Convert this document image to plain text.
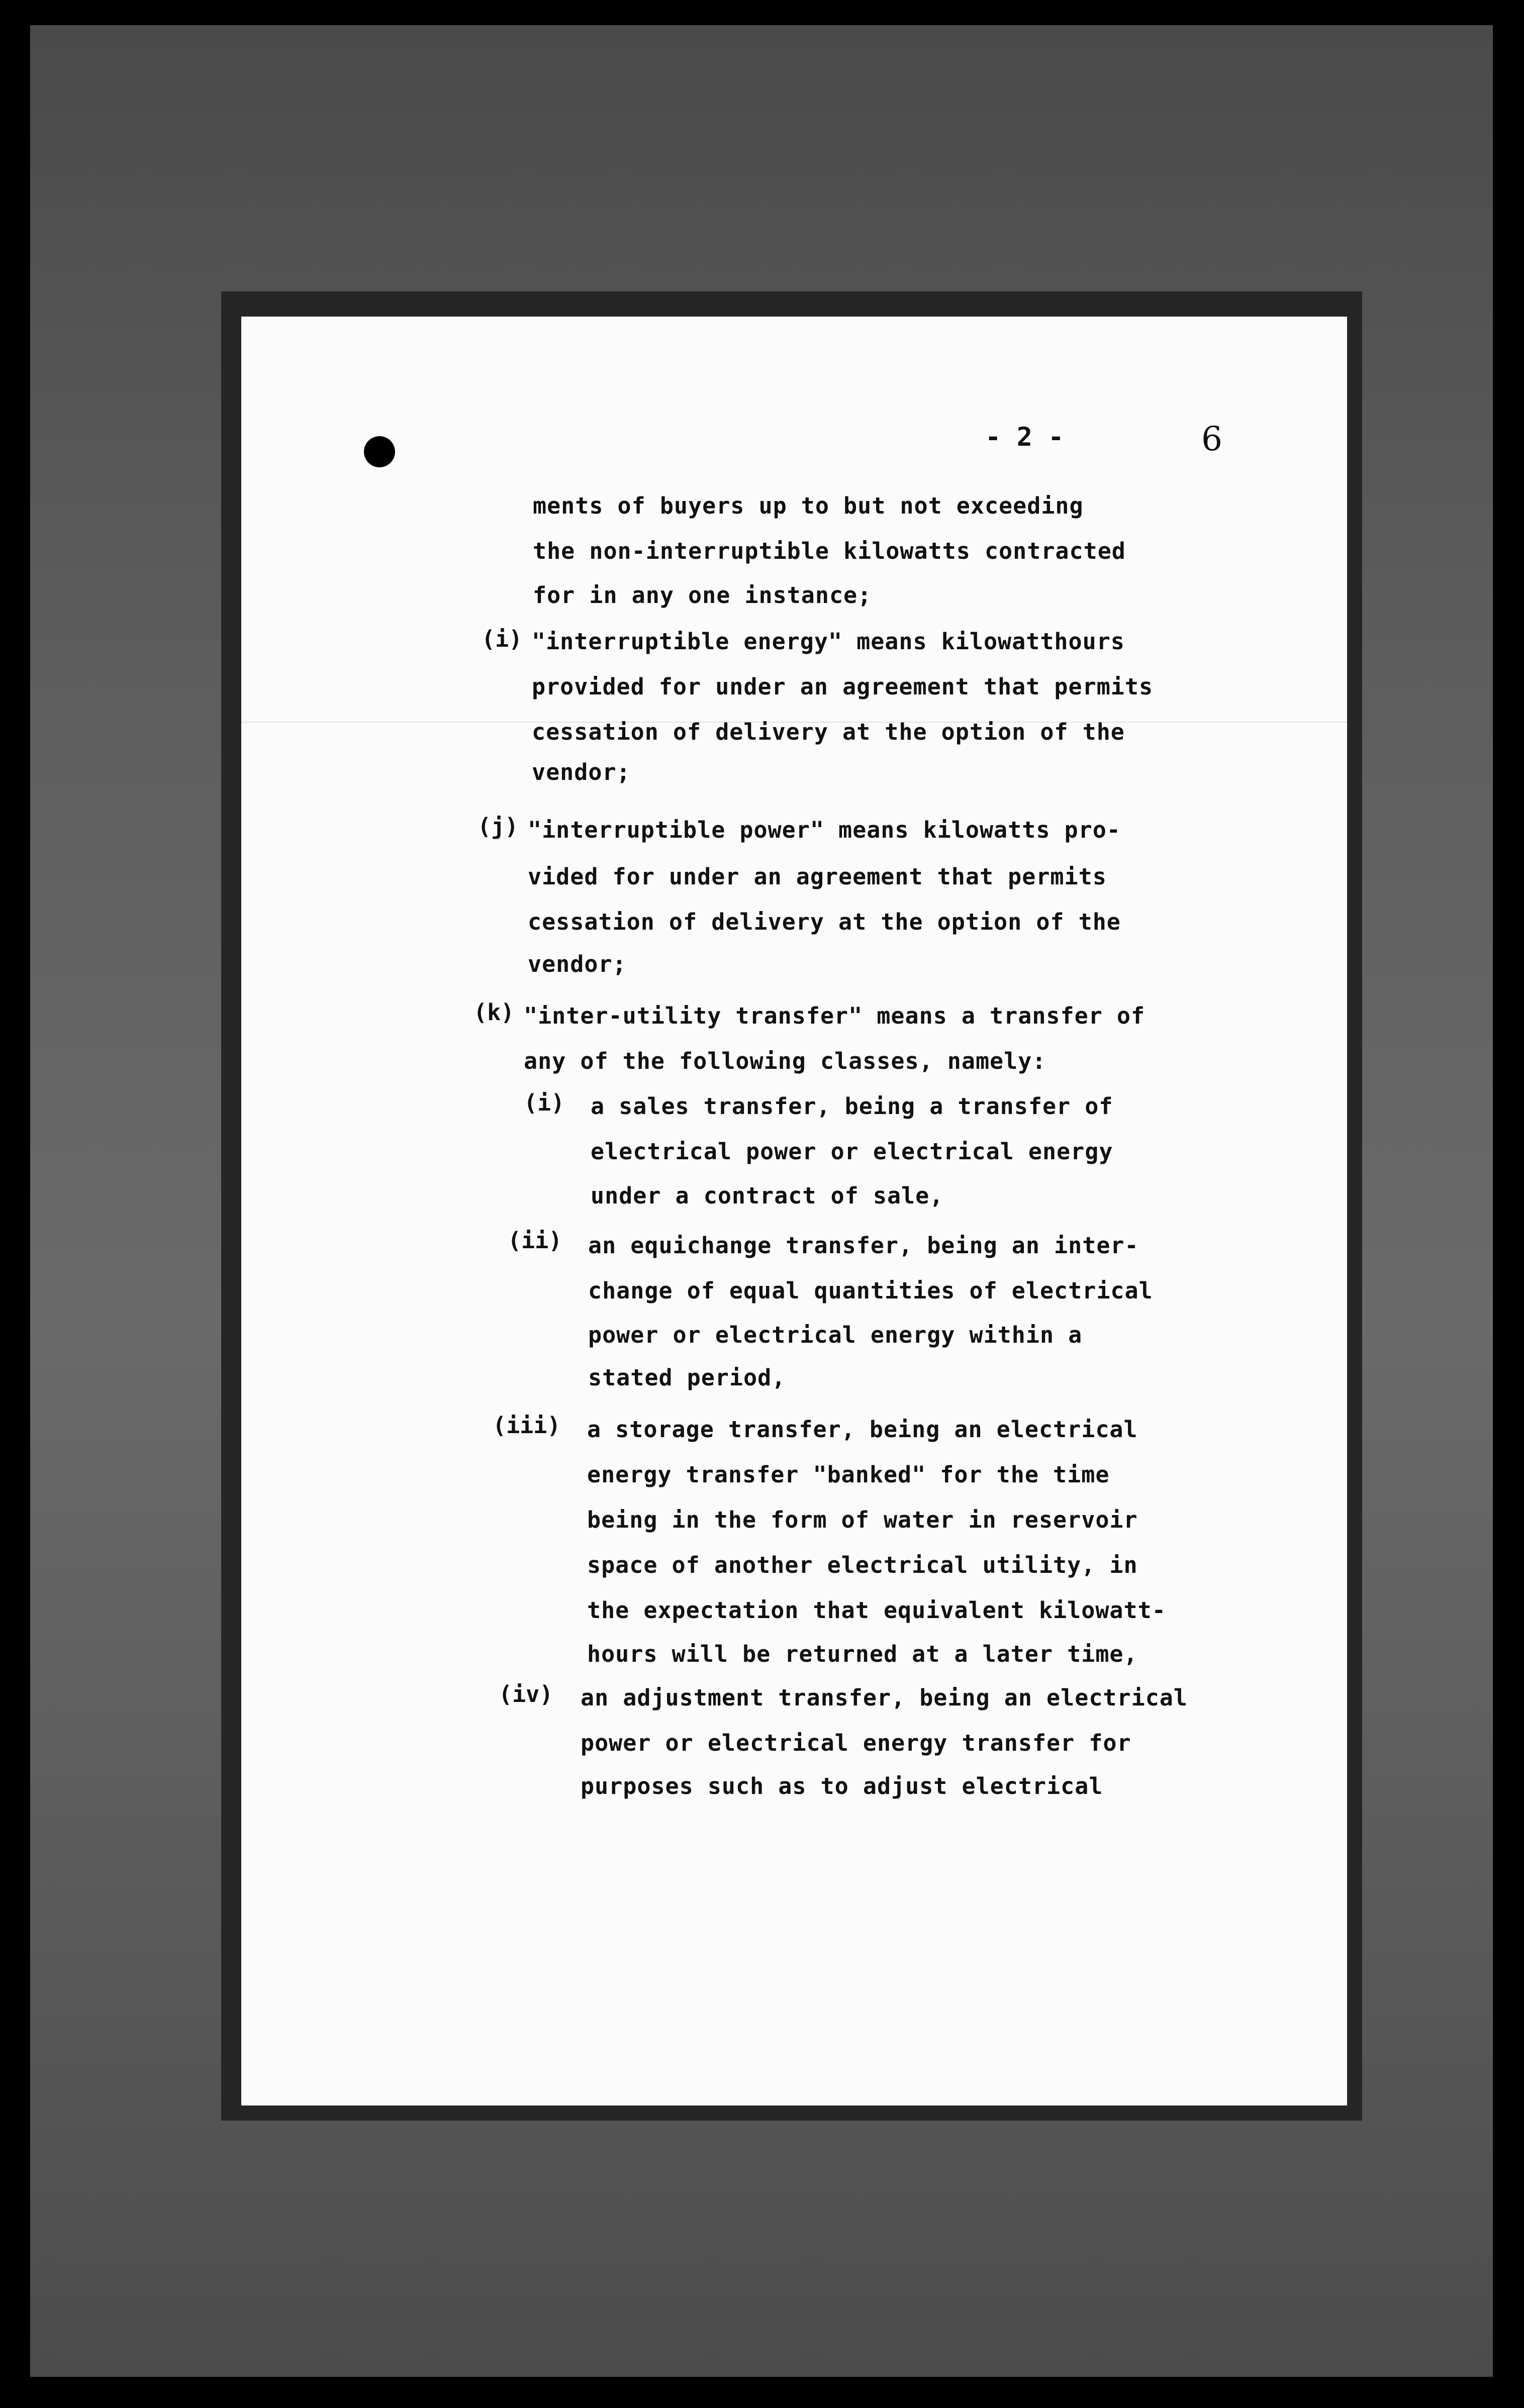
- 2 -	6
ments of buyers up to but not exceeding
the non-interruptible kilowatts contracted
for in any one instance;
(i) "interruptible energy" means kilowatthours
provided for under an agreement that permits
cessation of delivery at the option of the
vendor;
(j) "interruptible power" means kilowatts pro-
vided for under an agreement that permits
cessation of delivery at the option of the
vendor;
(k) "inter-utility transfer" means a transfer of
any of the following classes, namely:
(i) a sales transfer, being a transfer of
electrical power or electrical energy
under a contract of sale,
(ii) an equichange transfer, being an inter-
change of equal quantities of electrical
power or electrical energy within a
stated period,
(iii) a storage transfer, being an electrical
energy transfer "banked" for the time
being in the form of water in reservoir
space of another electrical utility, in
the expectation that equivalent kilowatt-
hours will be returned at a later time,
(iv) an adjustment transfer, being an electrical
power or electrical energy transfer for
purposes such as to adjust electrical
